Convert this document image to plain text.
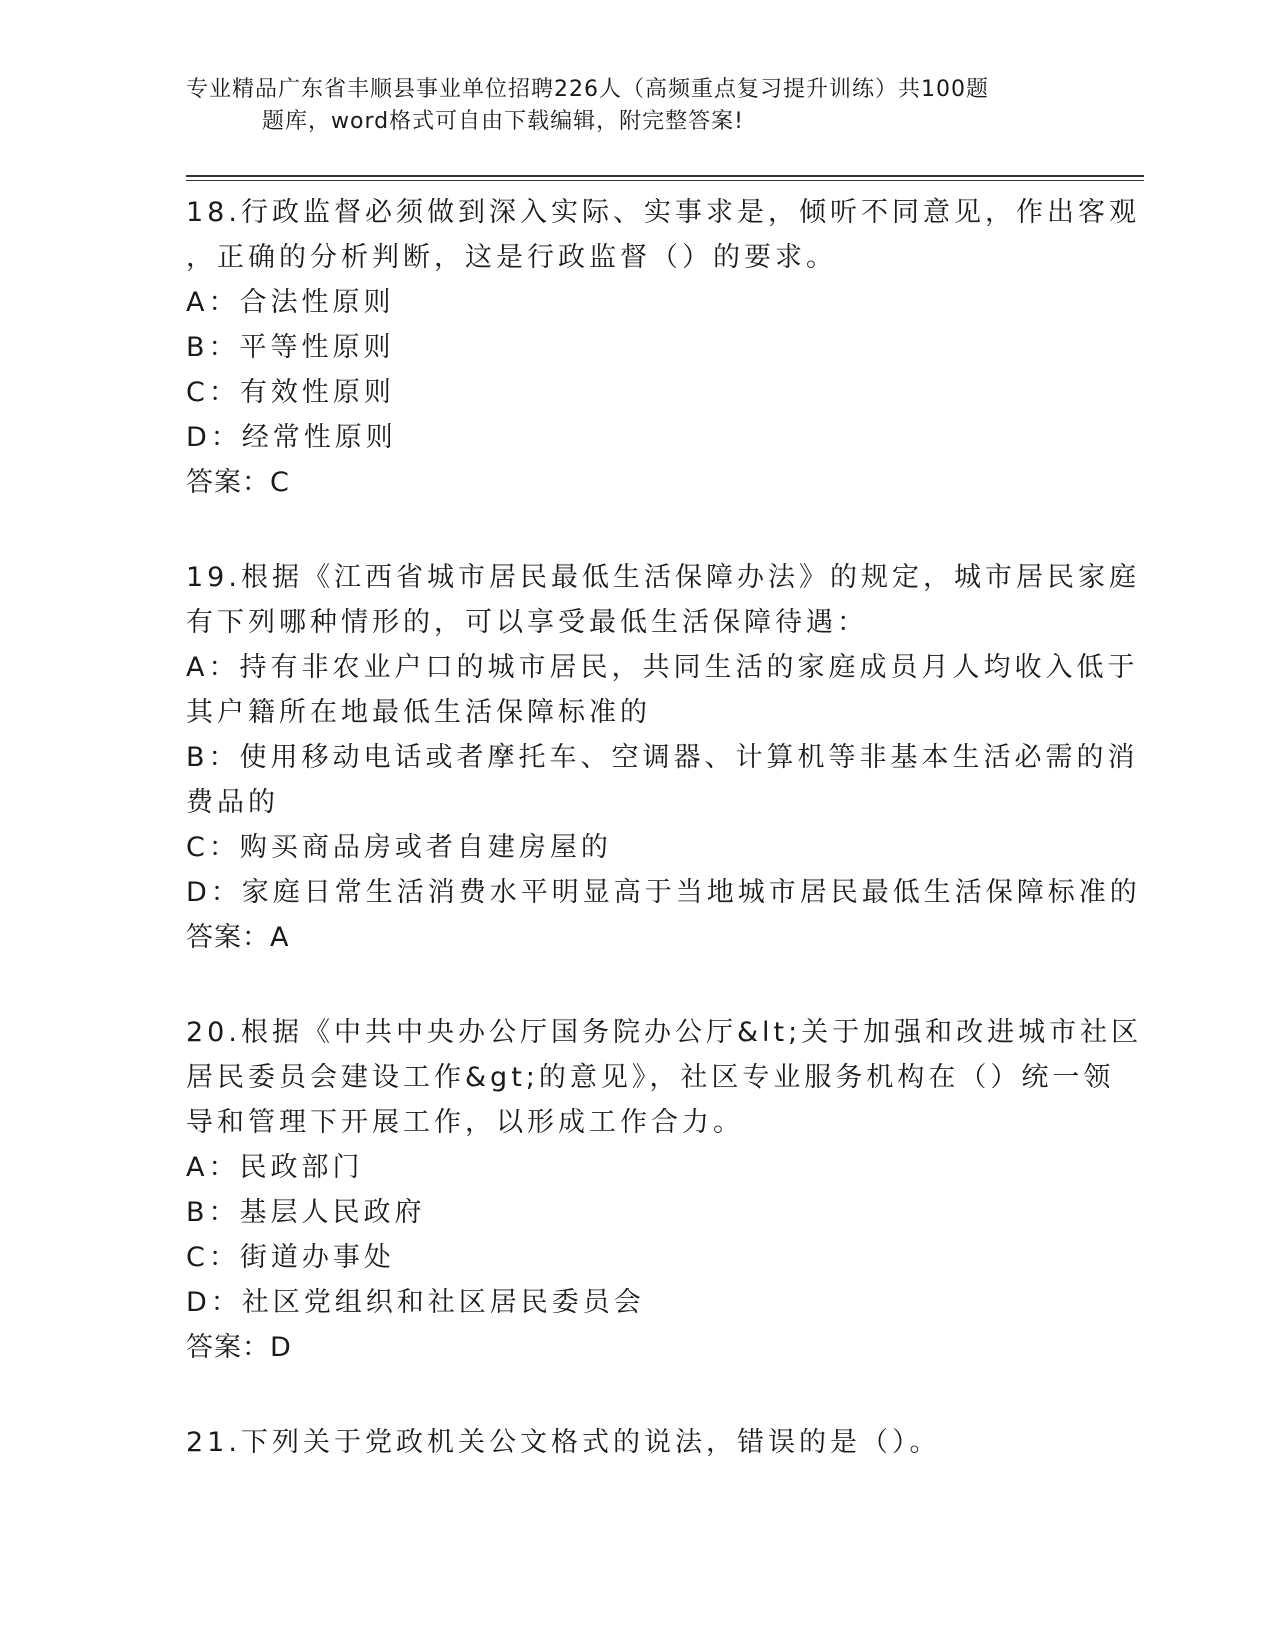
专业精品广东省丰顺县事业单位招聘226人（高频重点复习提升训练）共100题
题库，word格式可自由下载编辑，附完整答案!
18.行政监督必须做到深入实际、实事求是，倾听不同意见，作出客观
，正确的分析判断，这是行政监督（）的要求。
A：合法性原则
B：平等性原则
C：有效性原则
D：经常性原则
答案：C
19.根据《江西省城市居民最低生活保障办法》的规定，城市居民家庭
有下列哪种情形的，可以享受最低生活保障待遇：
A：持有非农业户口的城市居民，共同生活的家庭成员月人均收入低于
其户籍所在地最低生活保障标准的
B：使用移动电话或者摩托车、空调器、计算机等非基本生活必需的消
费品的
C：购买商品房或者自建房屋的
D：家庭日常生活消费水平明显高于当地城市居民最低生活保障标准的
答案：A
20.根据《中共中央办公厅国务院办公厅&lt;关于加强和改进城市社区
居民委员会建设工作&gt;的意见》，社区专业服务机构在（）统一领
导和管理下开展工作，以形成工作合力。
A：民政部门
B：基层人民政府
C：街道办事处
D：社区党组织和社区居民委员会
答案：D
21.下列关于党政机关公文格式的说法，错误的是（）。
